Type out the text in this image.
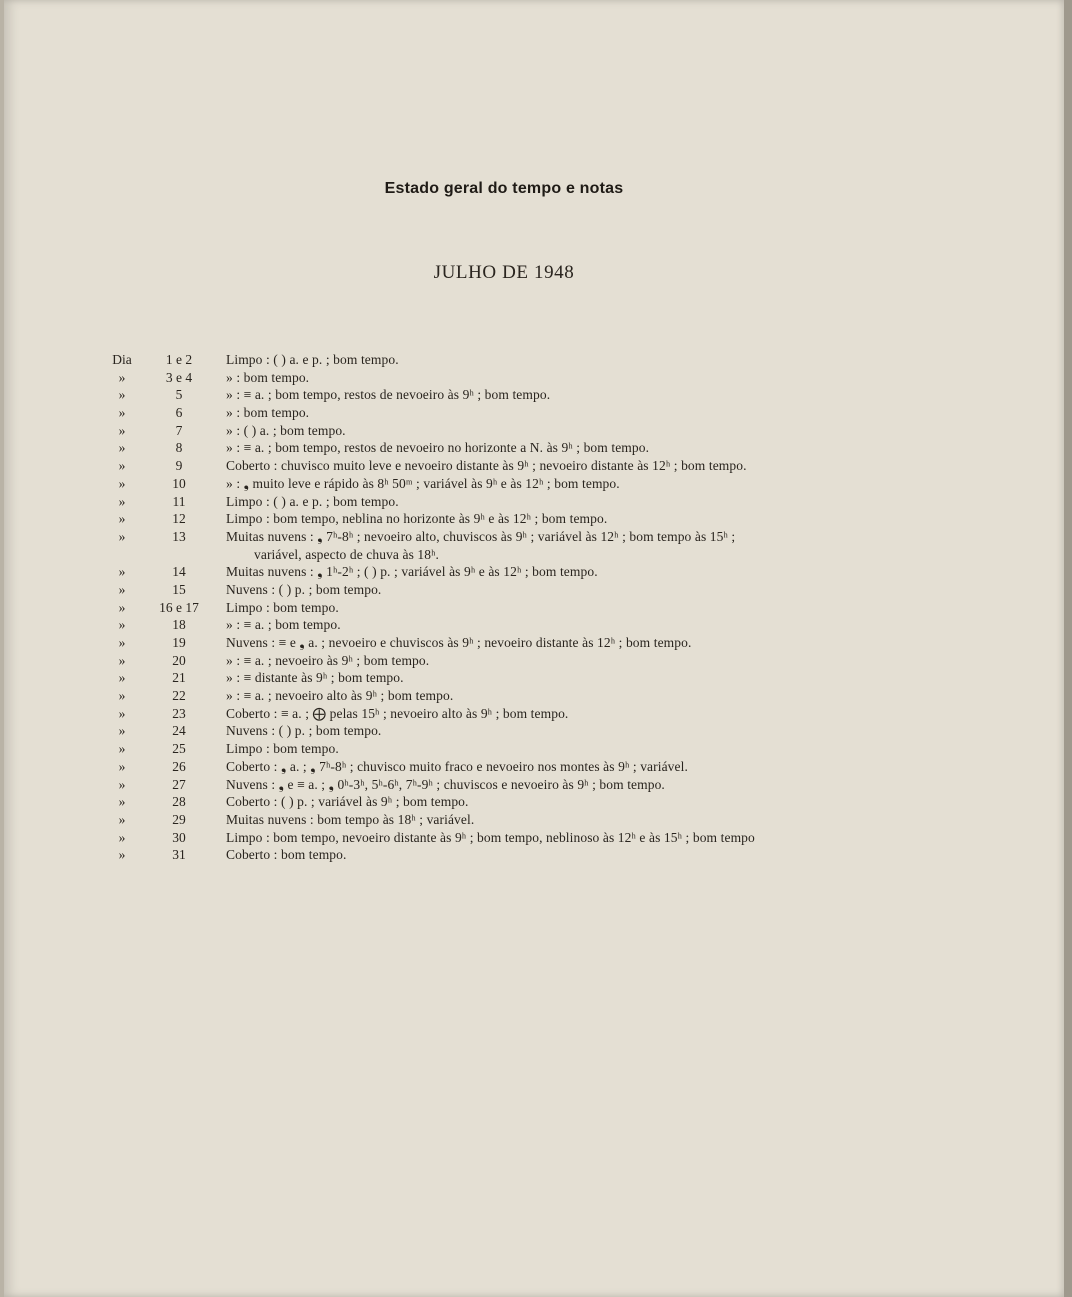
Estado geral do tempo e notas
JULHO DE 1948
Dia	1 e 2	Limpo : ( ) a. e p. ; bom tempo.
»	3 e 4	» : bom tempo.
»	5	» : ≡ a. ; bom tempo, restos de nevoeiro às 9ʰ ; bom tempo.
»	6	» : bom tempo.
»	7	» : ( ) a. ; bom tempo.
»	8	» : ≡ a. ; bom tempo, restos de nevoeiro no horizonte a N. às 9ʰ ; bom tempo.
»	9	Coberto : chuvisco muito leve e nevoeiro distante às 9ʰ ; nevoeiro distante às 12ʰ ; bom tempo.
»	10	» : ❟ muito leve e rápido às 8ʰ 50ᵐ ; variável às 9ʰ e às 12ʰ ; bom tempo.
»	11	Limpo : ( ) a. e p. ; bom tempo.
»	12	Limpo : bom tempo, neblina no horizonte às 9ʰ e às 12ʰ ; bom tempo.
»	13	Muitas nuvens : ❟ 7ʰ-8ʰ ; nevoeiro alto, chuviscos às 9ʰ ; variável às 12ʰ ; bom tempo às 15ʰ ;
variável, aspecto de chuva às 18ʰ.
»	14	Muitas nuvens : ❟ 1ʰ-2ʰ ; ( ) p. ; variável às 9ʰ e às 12ʰ ; bom tempo.
»	15	Nuvens : ( ) p. ; bom tempo.
»	16 e 17	Limpo : bom tempo.
»	18	» : ≡ a. ; bom tempo.
»	19	Nuvens : ≡ e ❟ a. ; nevoeiro e chuviscos às 9ʰ ; nevoeiro distante às 12ʰ ; bom tempo.
»	20	» : ≡ a. ; nevoeiro às 9ʰ ; bom tempo.
»	21	» : ≡ distante às 9ʰ ; bom tempo.
»	22	» : ≡ a. ; nevoeiro alto às 9ʰ ; bom tempo.
»	23	Coberto : ≡ a. ; ⨁ pelas 15ʰ ; nevoeiro alto às 9ʰ ; bom tempo.
»	24	Nuvens : ( ) p. ; bom tempo.
»	25	Limpo : bom tempo.
»	26	Coberto : ❟ a. ; ❟ 7ʰ-8ʰ ; chuvisco muito fraco e nevoeiro nos montes às 9ʰ ; variável.
»	27	Nuvens : ❟ e ≡ a. ; ❟ 0ʰ-3ʰ, 5ʰ-6ʰ, 7ʰ-9ʰ ; chuviscos e nevoeiro às 9ʰ ; bom tempo.
»	28	Coberto : ( ) p. ; variável às 9ʰ ; bom tempo.
»	29	Muitas nuvens : bom tempo às 18ʰ ; variável.
»	30	Limpo : bom tempo, nevoeiro distante às 9ʰ ; bom tempo, neblinoso às 12ʰ e às 15ʰ ; bom tempo
»	31	Coberto : bom tempo.
